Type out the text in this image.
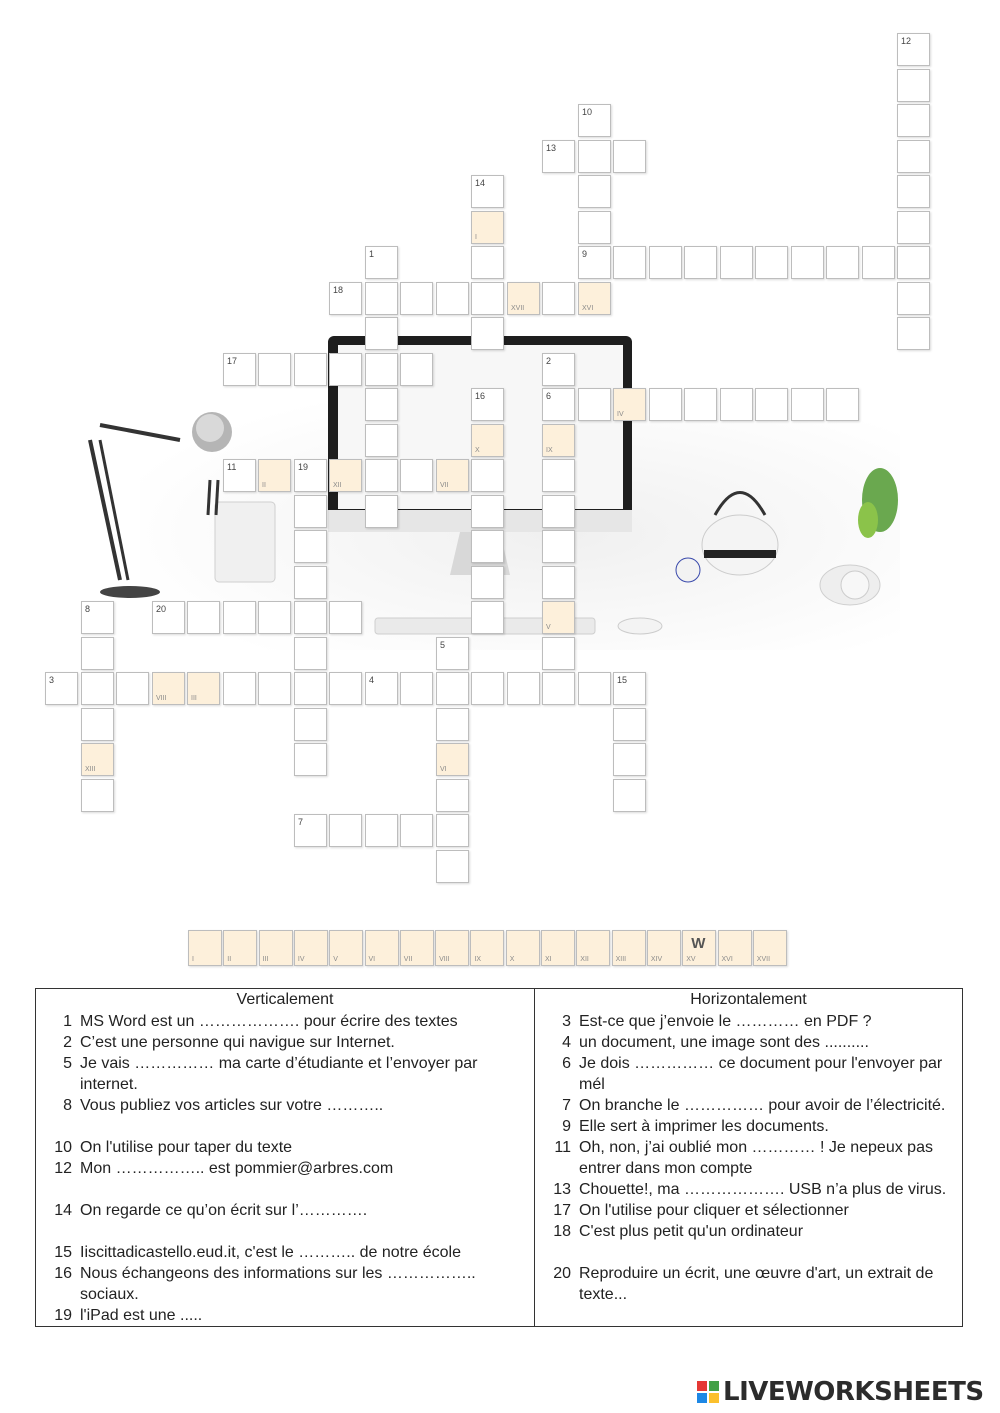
12
10
9
XVI
13
14
I
1
18
XVII
17	2
6
IX
V
16
X
IV
11
II
19
XII	VII
8
XIII
20
5
VI
3
VIII	III
4	15
7
I	II	III	IV	V	VI	VII	VIII	IX	X	XI	XII	XIII	XIV	XV
W
XVI	XVII
Verticalement
1 MS Word est un ………………. pour écrire des textes
2 C’est une personne qui navigue sur Internet.
5 Je vais …………… ma carte d’étudiante et l’envoyer par internet.
8 Vous publiez vos articles sur votre ………..
10 On l'utilise pour taper du texte
12 Mon …………….. est pommier@arbres.com
14 On regarde ce qu’on écrit sur l’………….
15 Iiscittadicastello.eud.it, c'est le ……….. de notre école
16 Nous échangeons des informations sur les …………….. sociaux.
19 l'iPad est une .....

Horizontalement
3 Est-ce que j’envoie le ………… en PDF ?
4 un document, une image sont des ..........
6 Je dois …………… ce document pour l'envoyer par mél
7 On branche le …………… pour avoir de l’électricité.
9 Elle sert à imprimer les documents.
11 Oh, non, j’ai oublié mon ………… ! Je nepeux pas entrer dans mon compte
13 Chouette!, ma ………………. USB n’a plus de virus.
17 On l'utilise pour cliquer et sélectionner
18 C'est plus petit qu'un ordinateur
20 Reproduire un écrit, une œuvre d'art, un extrait de texte...
LIVEWORKSHEETS
